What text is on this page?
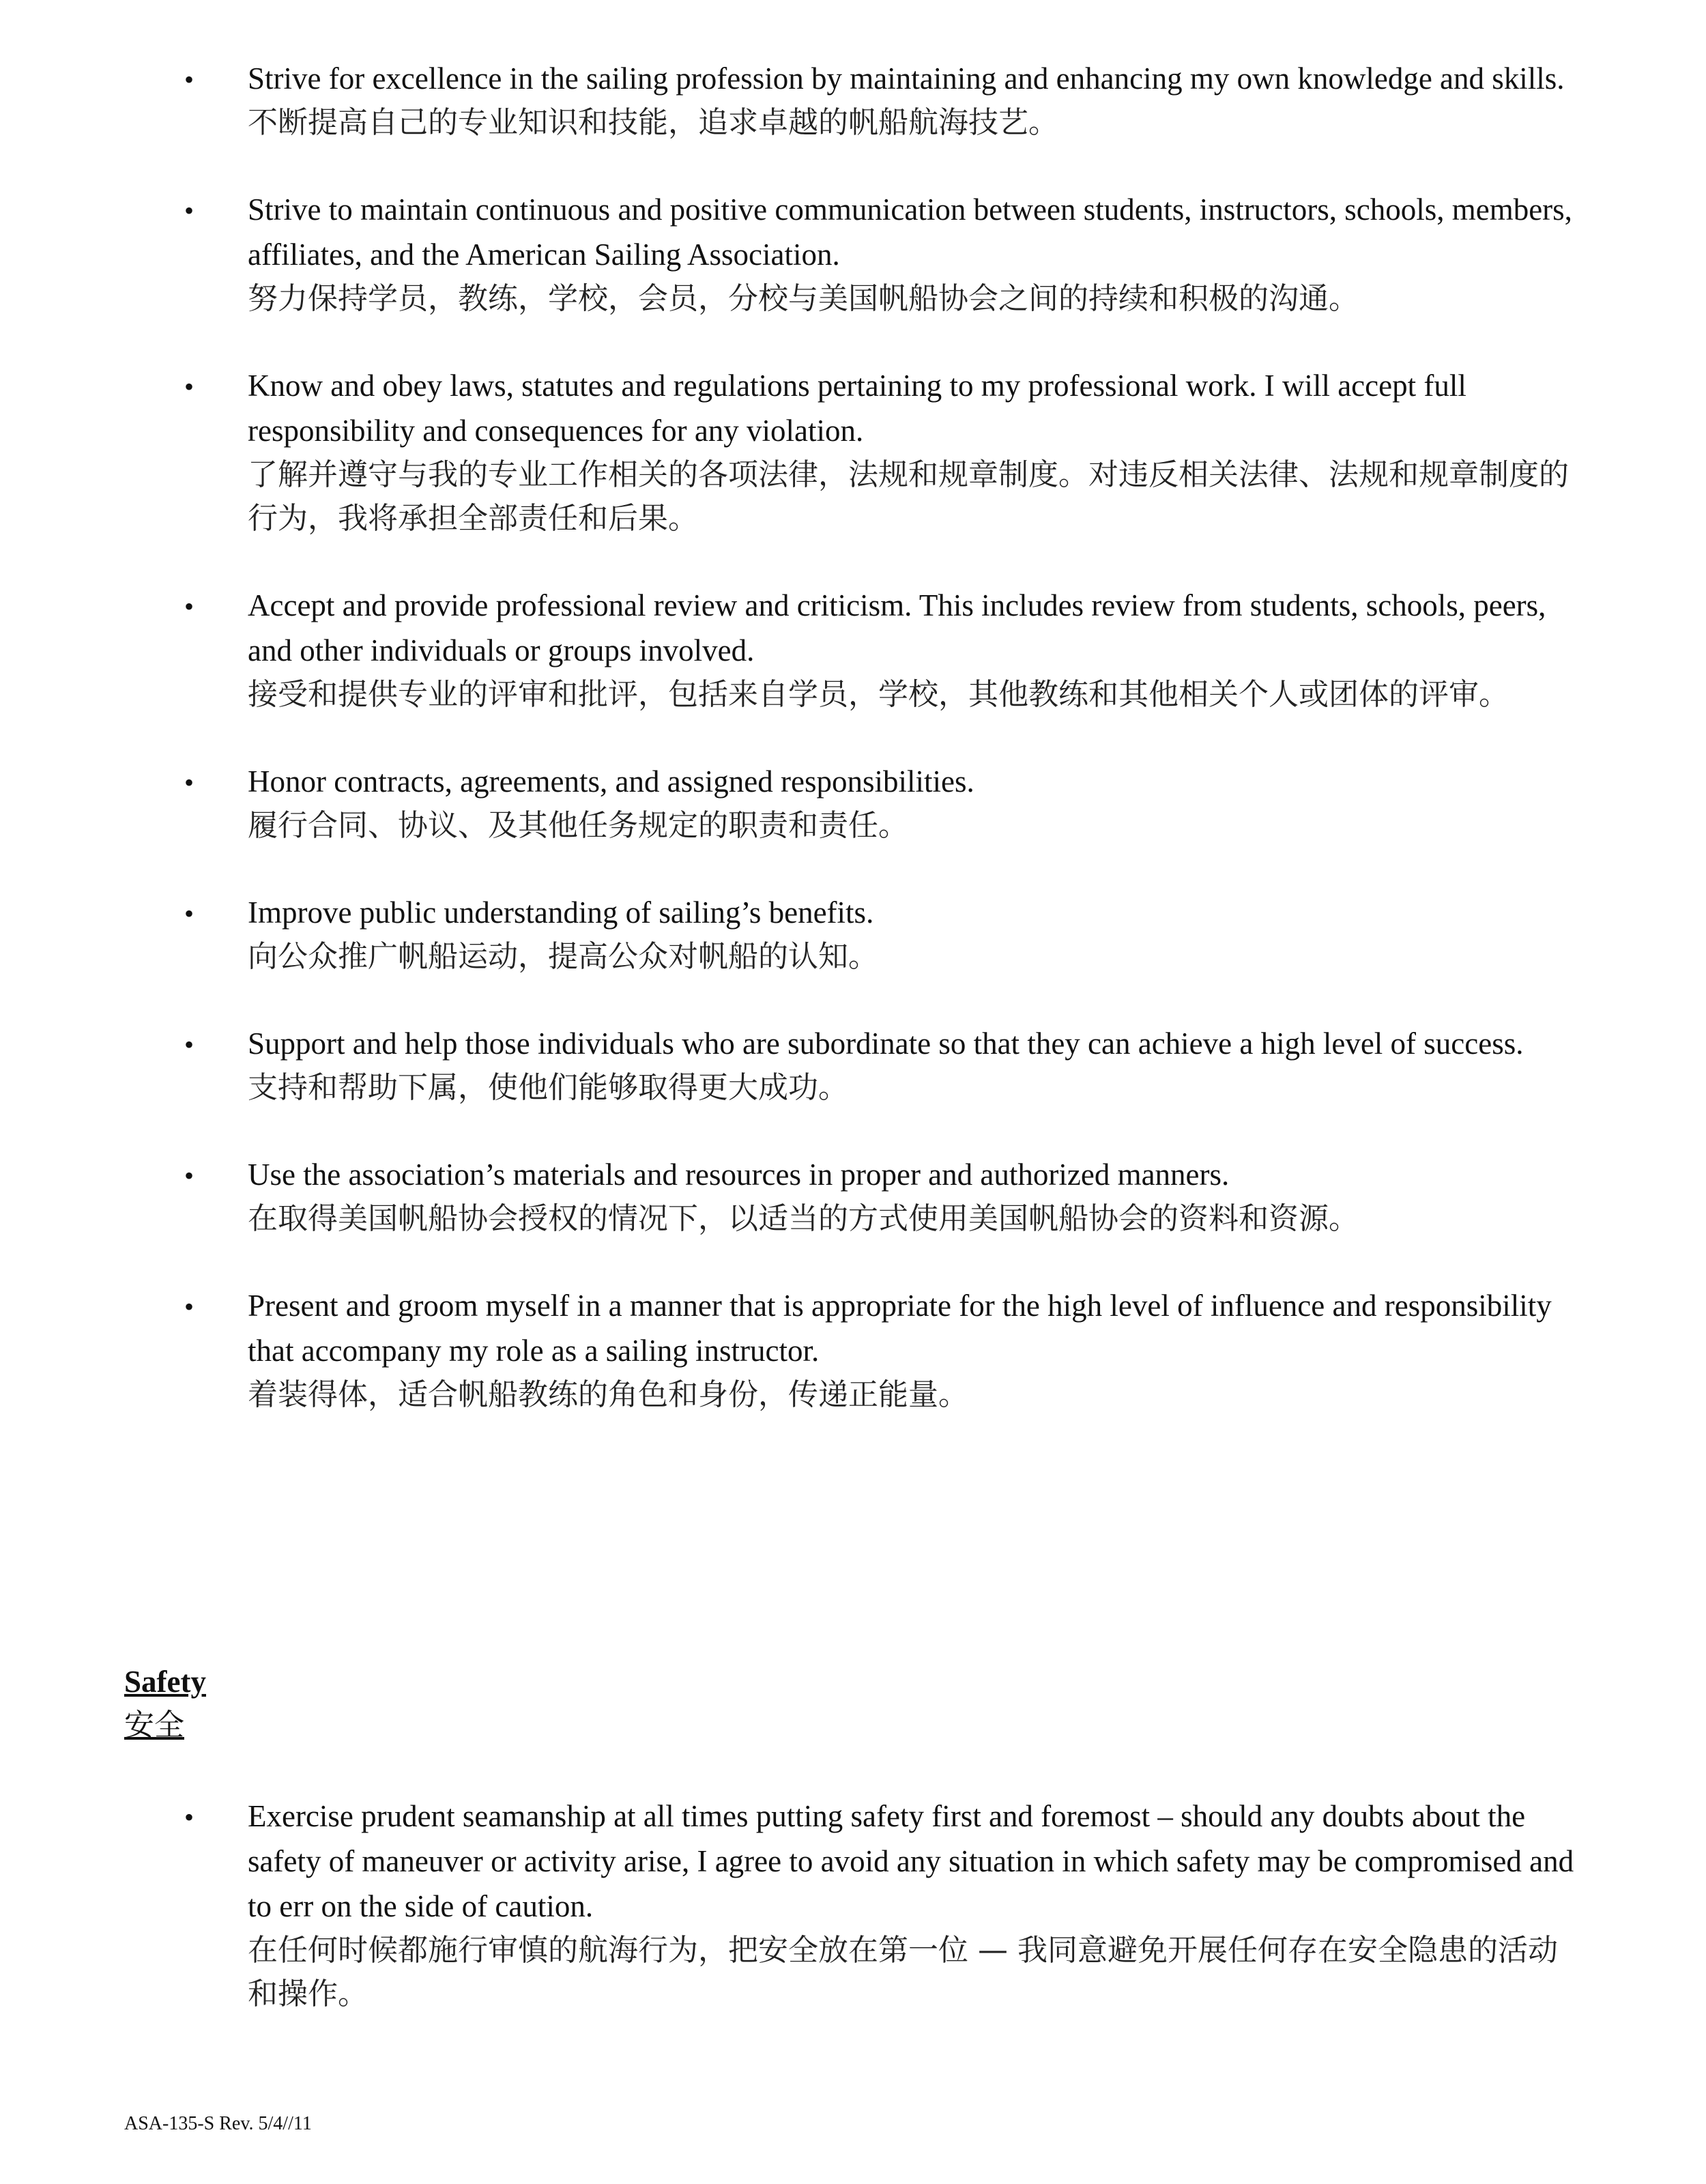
• Strive for excellence in the sailing profession by maintaining and enhancing my own knowledge and skills.

不断提高自己的专业知识和技能，追求卓越的帆船航海技艺。

• Strive to maintain continuous and positive communication between students, instructors, schools, members, affiliates, and the American Sailing Association.

努力保持学员，教练，学校，会员，分校与美国帆船协会之间的持续和积极的沟通。

• Know and obey laws, statutes and regulations pertaining to my professional work. I will accept full responsibility and consequences for any violation.

了解并遵守与我的专业工作相关的各项法律，法规和规章制度。对违反相关法律、法规和规章制度的行为，我将承担全部责任和后果。

• Accept and provide professional review and criticism. This includes review from students, schools, peers, and other individuals or groups involved.

接受和提供专业的评审和批评，包括来自学员，学校，其他教练和其他相关个人或团体的评审。

• Honor contracts, agreements, and assigned responsibilities.

履行合同、协议、及其他任务规定的职责和责任。

• Improve public understanding of sailing’s benefits.

向公众推广帆船运动，提高公众对帆船的认知。

• Support and help those individuals who are subordinate so that they can achieve a high level of success.

支持和帮助下属，使他们能够取得更大成功。

• Use the association’s materials and resources in proper and authorized manners.

在取得美国帆船协会授权的情况下，以适当的方式使用美国帆船协会的资料和资源。

• Present and groom myself in a manner that is appropriate for the high level of influence and responsibility that accompany my role as a sailing instructor.

着装得体，适合帆船教练的角色和身份，传递正能量。

Safety

安全

• Exercise prudent seamanship at all times putting safety first and foremost – should any doubts about the safety of maneuver or activity arise, I agree to avoid any situation in which safety may be compromised and to err on the side of caution.

在任何时候都施行审慎的航海行为，把安全放在第一位 — 我同意避免开展任何存在安全隐患的活动和操作。

ASA-135-S Rev. 5/4//11
